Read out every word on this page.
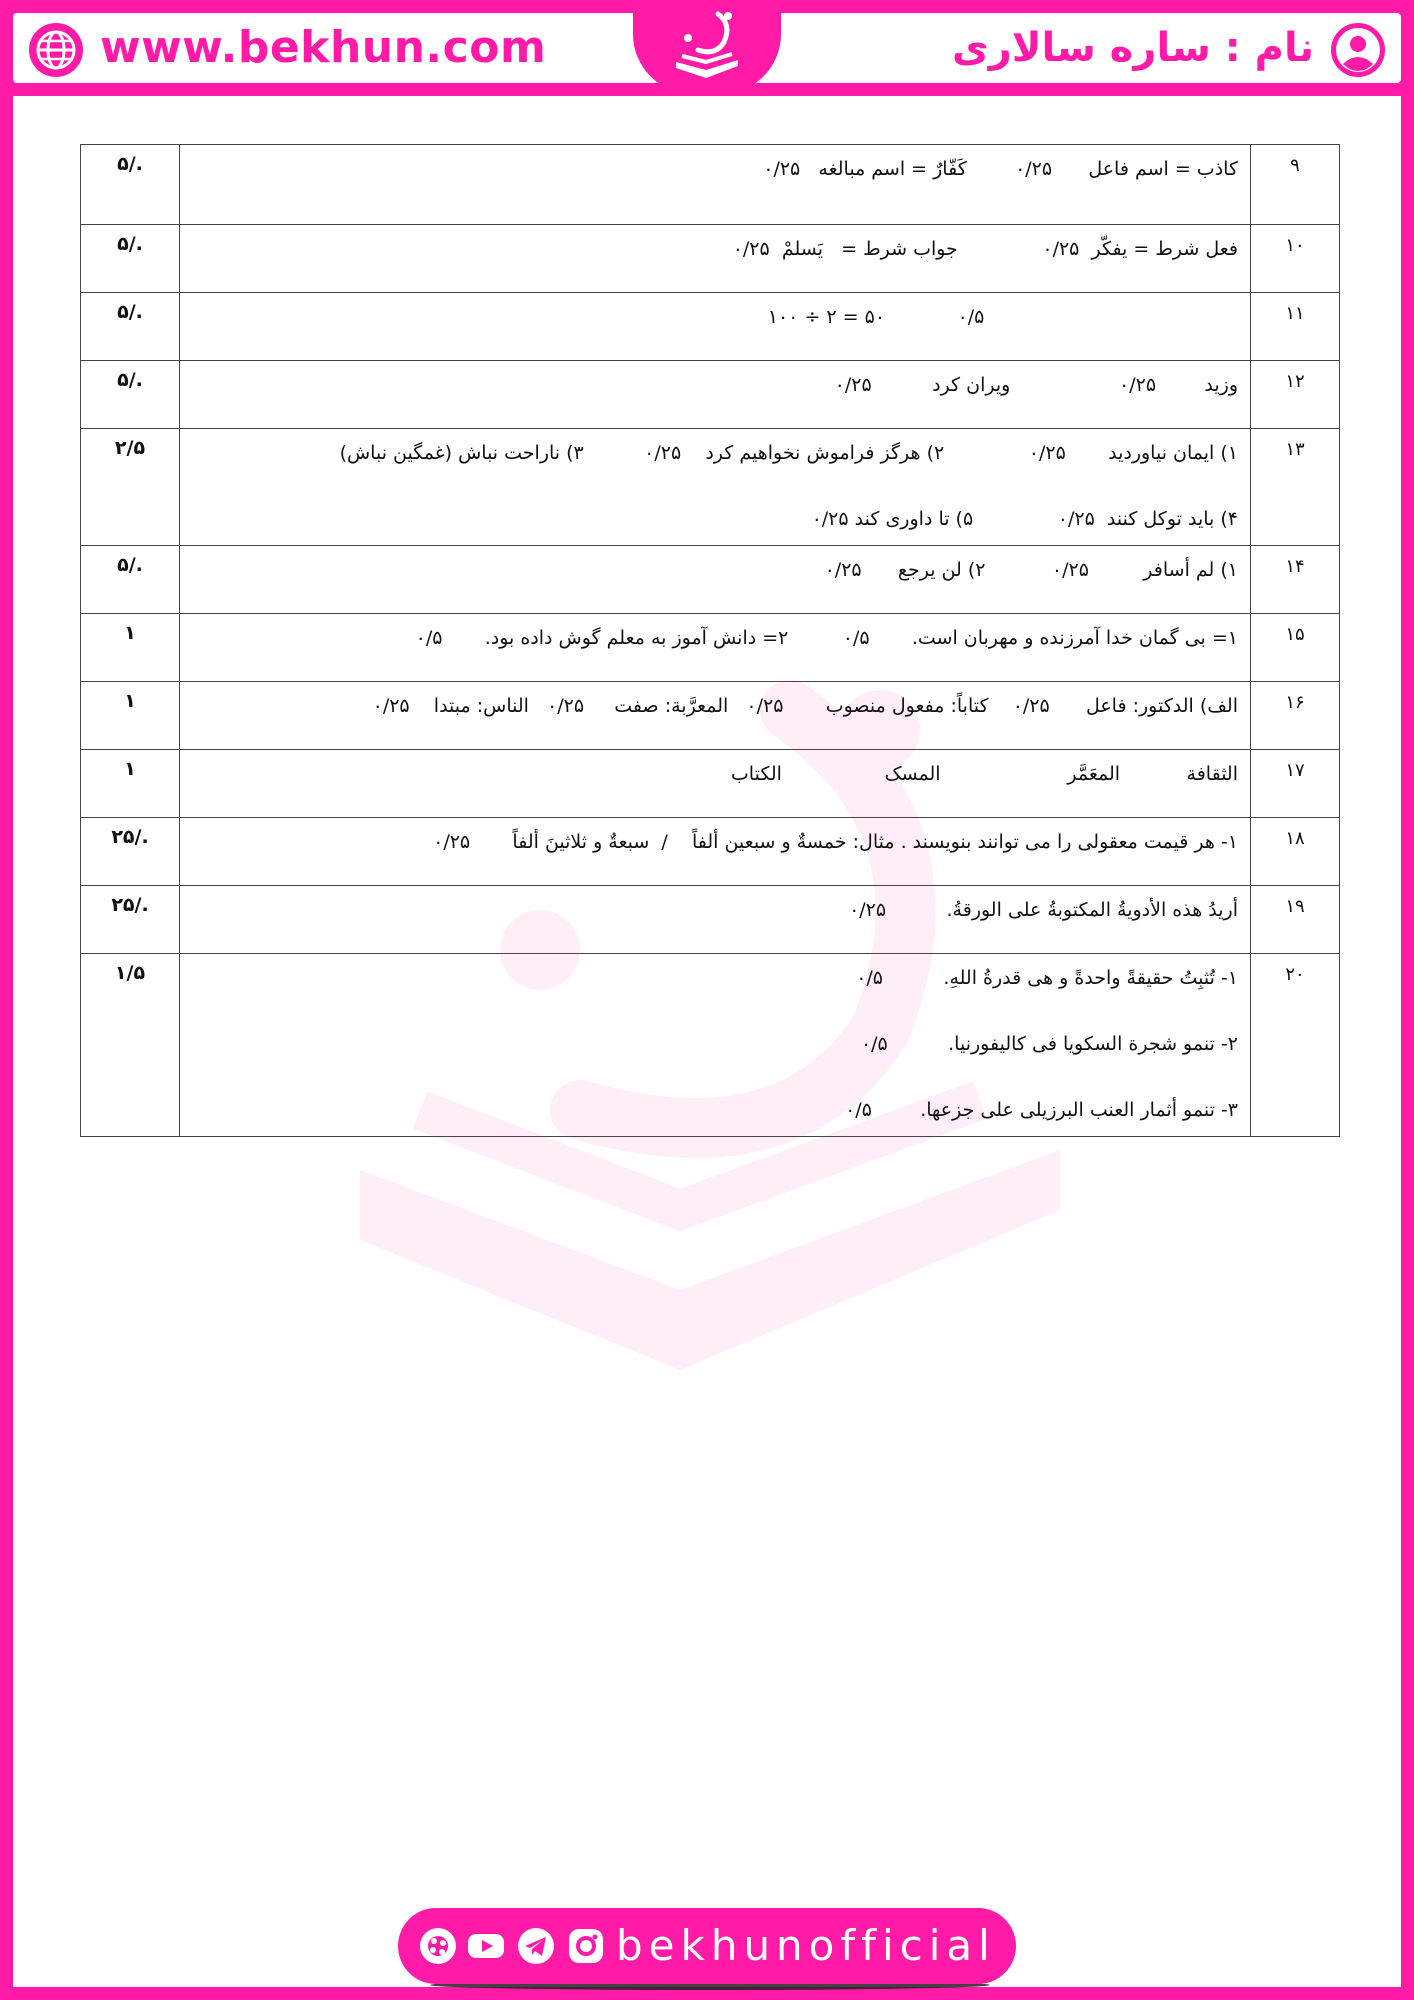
www.bekhun.com	نام : ساره سالاری
۹	کاذب = اسم فاعل      ۰/۲۵        کَفّارٌ = اسم مبالغه   ۰/۲۵	./۵
۱۰	فعل شرط = یفکّر  ۰/۲۵              جواب شرط =   یَسلمْ  ۰/۲۵	./۵
۱۱	۰/۵            ۵۰ = ۲ ÷ ۱۰۰	./۵
۱۲	وزید        ۰/۲۵                  ویران کرد          ۰/۲۵	./۵
۱۳	۱) ایمان نیاوردید       ۰/۲۵              ۲) هرگز فراموش نخواهیم کرد    ۰/۲۵          ۳) ناراحت نباش (غمگین نباش)
۴) باید توکل کنند  ۰/۲۵              ۵) تا داوری کند ۰/۲۵	۲/۵
۱۴	۱) لم أسافر         ۰/۲۵           ۲) لن یرجع      ۰/۲۵	./۵
۱۵	۱= بی گمان خدا آمرزنده و مهربان است.       ۰/۵         ۲= دانش آموز به معلم گوش داده بود.       ۰/۵	۱
۱۶	الف) الدکتور: فاعل      ۰/۲۵    کتاباً: مفعول منصوب       ۰/۲۵   المعرَّبة: صفت     ۰/۲۵   الناس: مبتدا    ۰/۲۵	۱
۱۷	الثقافة           المعَمَّر                     المسک                 الکتاب	۱
۱۸	۱- هر قیمت معقولی را می توانند بنویسند . مثال: خمسةٌ و سبعین ألفاً    /  سبعةٌ و ثلاثینَ ألفاً       ۰/۲۵	./۲۵
۱۹	أریدُ هذه الأدویةُ المکتوبةُ علی الورقةُ.          ۰/۲۵	./۲۵
۲۰	۱- تُثبِتُ حقیقةً واحدةً و هی قدرةُ اللهِ.          ۰/۵
۲- تنمو شجرة السکویا فی کالیفورنیا.          ۰/۵
۳- تنمو أثمار العنب البرزیلی علی جزعها.        ۰/۵	۱/۵
bekhunofficial
